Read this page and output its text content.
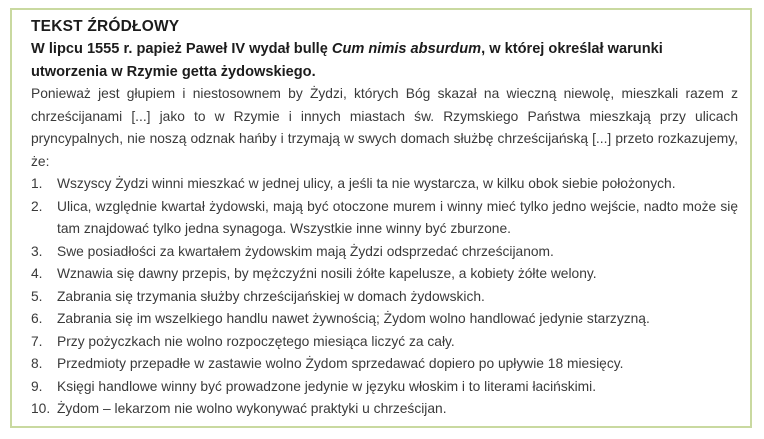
TEKST ŹRÓDŁOWY
W lipcu 1555 r. papież Paweł IV wydał bullę Cum nimis absurdum, w której określał warunki utworzenia w Rzymie getta żydowskiego.
Ponieważ jest głupiem i niestosownem by Żydzi, których Bóg skazał na wieczną niewolę, mieszkali razem z chrześcijanami [...] jako to w Rzymie i innych miastach św. Rzymskiego Państwa mieszkają przy ulicach pryncypalnych, nie noszą odznak hańby i trzymają w swych domach służbę chrześcijańską [...] przeto rozkazujemy, że:
1.	Wszyscy Żydzi winni mieszkać w jednej ulicy, a jeśli ta nie wystarcza, w kilku obok siebie położonych.
2.	Ulica, względnie kwartał żydowski, mają być otoczone murem i winny mieć tylko jedno wejście, nadto może się tam znajdować tylko jedna synagoga. Wszystkie inne winny być zburzone.
3.	Swe posiadłości za kwartałem żydowskim mają Żydzi odsprzedać chrześcijanom.
4.	Wznawia się dawny przepis, by mężczyźni nosili żółte kapelusze, a kobiety żółte welony.
5.	Zabrania się trzymania służby chrześcijańskiej w domach żydowskich.
6.	Zabrania się im wszelkiego handlu nawet żywnością; Żydom wolno handlować jedynie starzyzną.
7.	Przy pożyczkach nie wolno rozpoczętego miesiąca liczyć za cały.
8.	Przedmioty przepadłe w zastawie wolno Żydom sprzedawać dopiero po upływie 18 miesięcy.
9.	Księgi handlowe winny być prowadzone jedynie w języku włoskim i to literami łacińskimi.
10. Żydom – lekarzom nie wolno wykonywać praktyki u chrześcijan.
